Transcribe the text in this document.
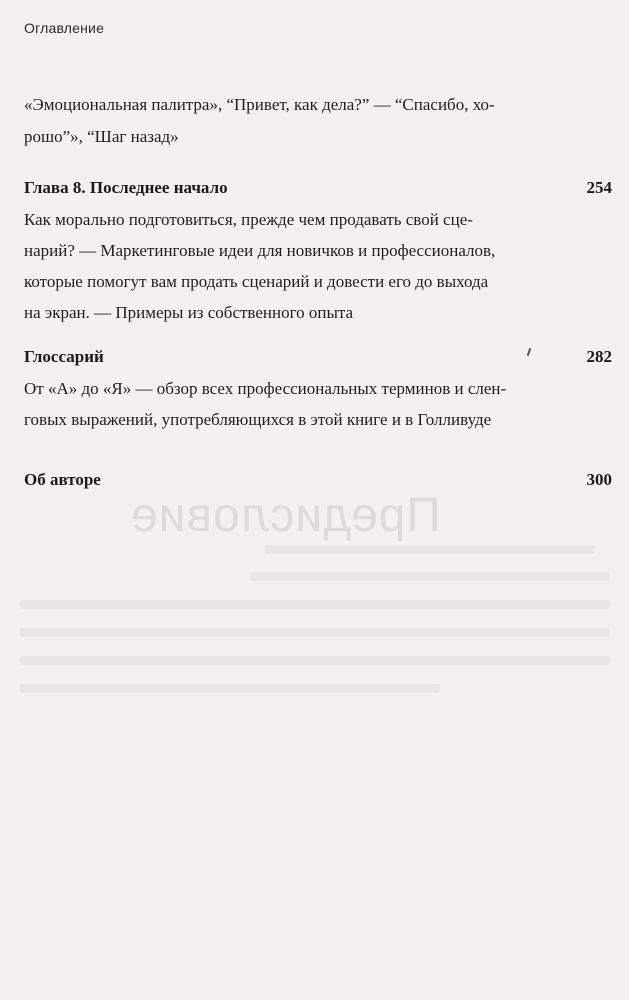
Предисловие
Оглавление
«Эмоциональная палитра», “Привет, как дела?” — “Спасибо, хо-
рошо”», “Шаг назад»
Глава 8. Последнее начало	254
Как морально подготовиться, прежде чем продавать свой сце-
нарий? — Маркетинговые идеи для новичков и профессионалов,
которые помогут вам продать сценарий и довести его до выхода
на экран. — Примеры из собственного опыта
Глоссарий	282
От «А» до «Я» — обзор всех профессиональных терминов и слен-
говых выражений, употребляющихся в этой книге и в Голливуде
Об авторе	300
